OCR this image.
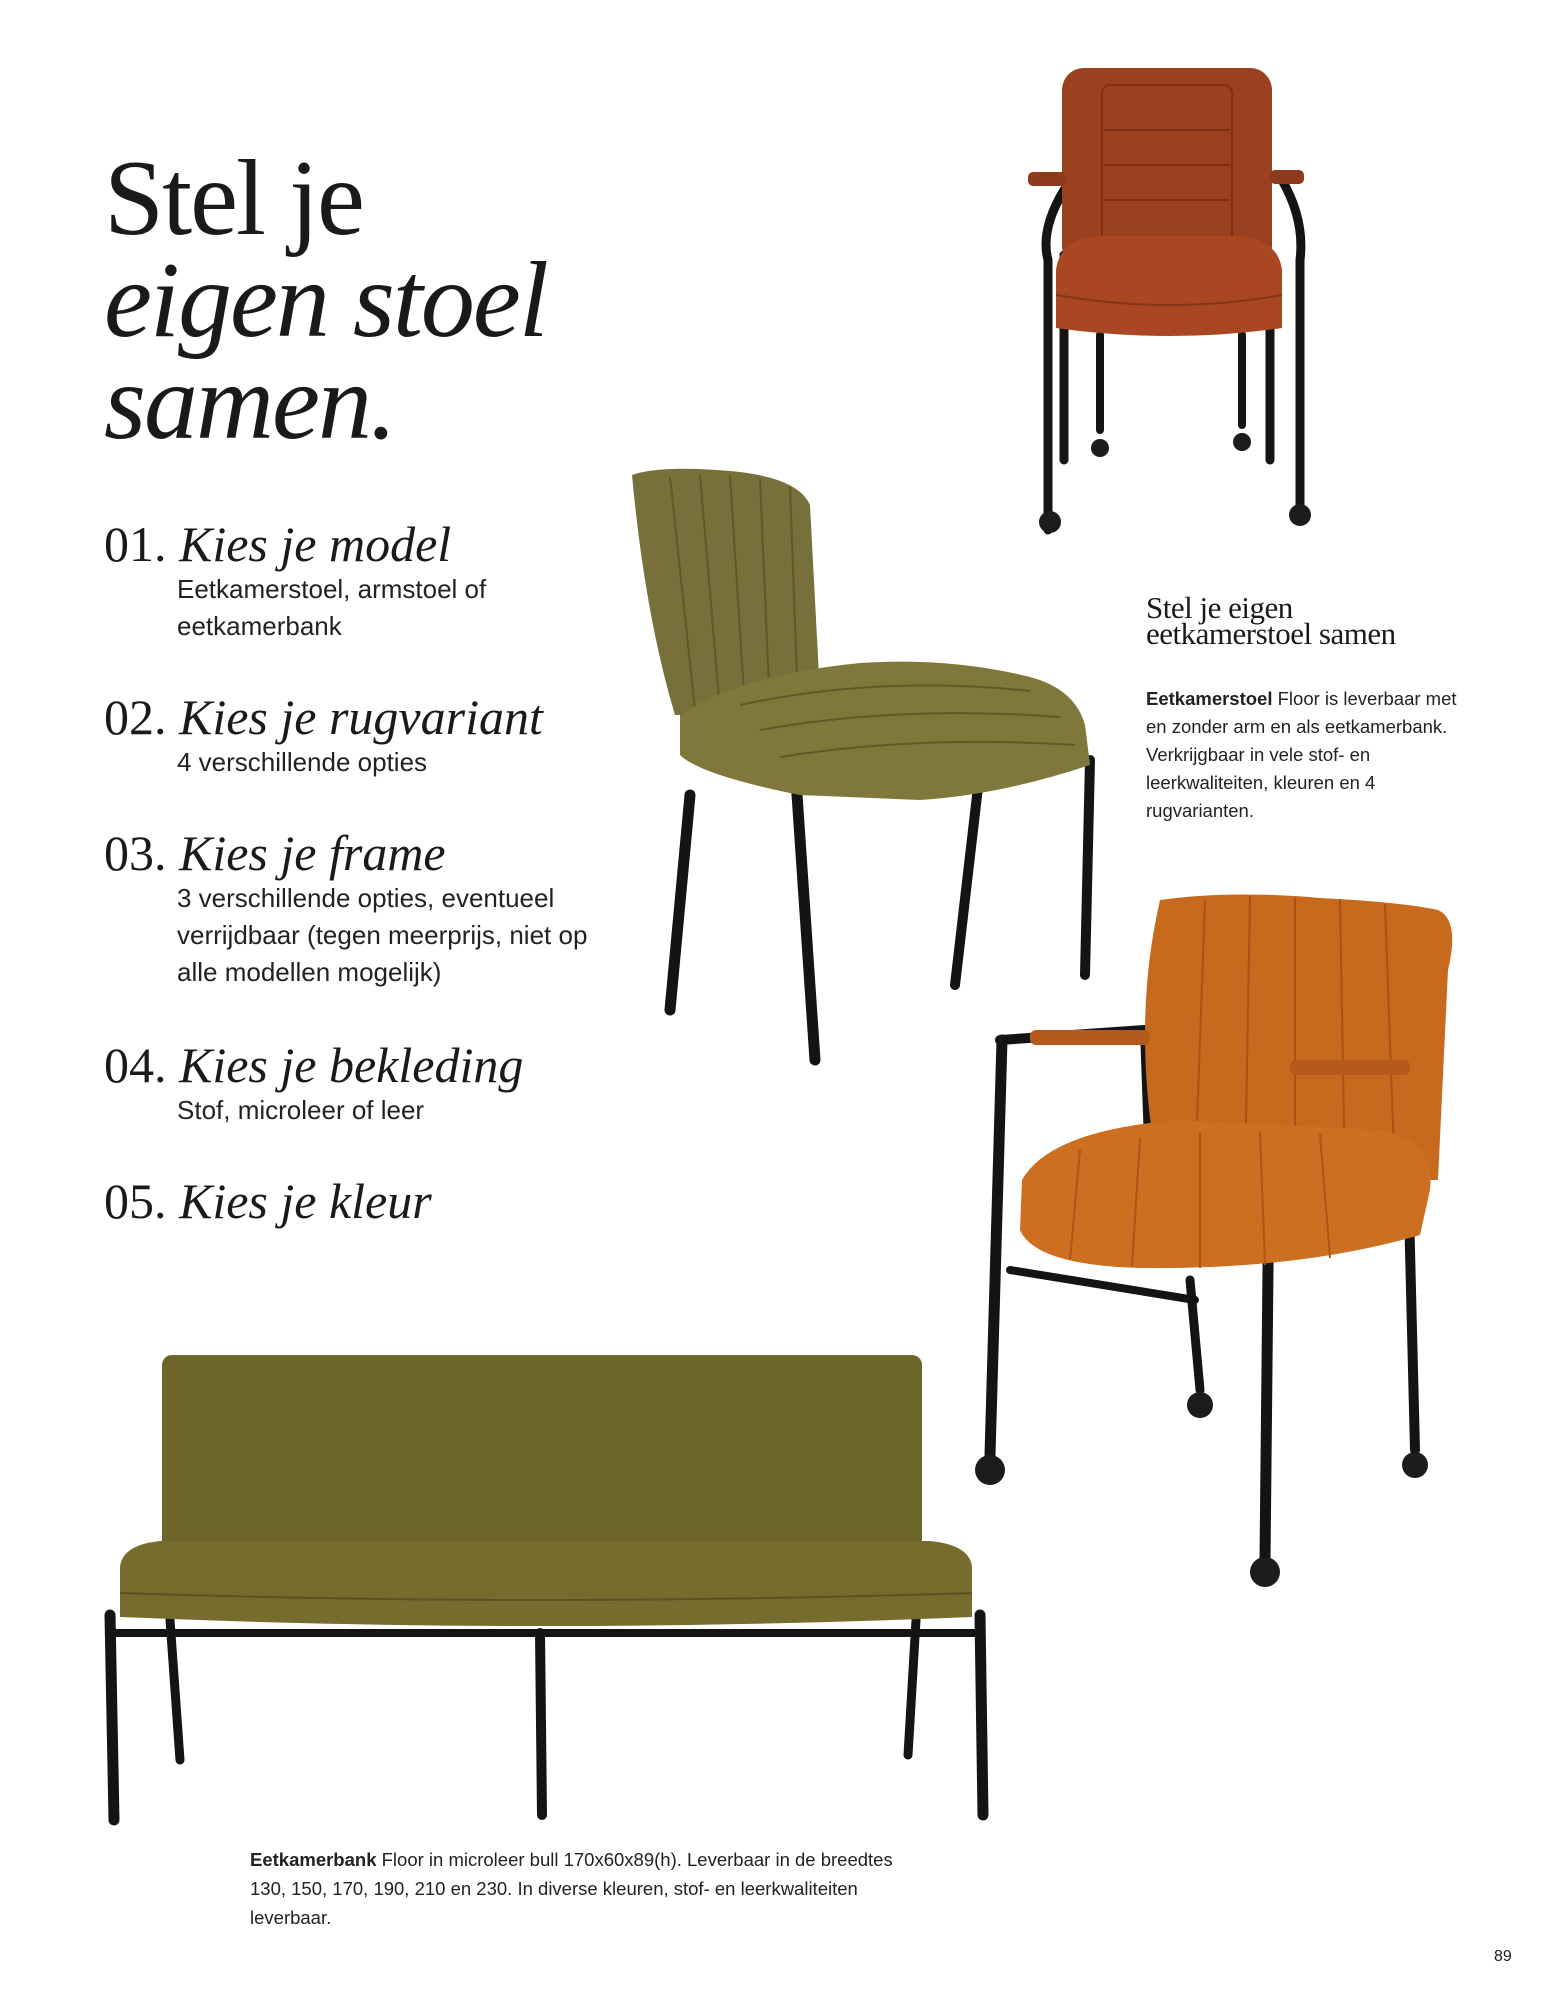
Stel je
eigen stoel
samen.
01. Kies je model
Eetkamerstoel, armstoel of eetkamerbank
02. Kies je rugvariant
4 verschillende opties
03. Kies je frame
3 verschillende opties, eventueel verrijdbaar (tegen meerprijs, niet op alle modellen mogelijk)
04. Kies je bekleding
Stof, microleer of leer
05. Kies je kleur
Stel je eigen
eetkamerstoel samen
Eetkamerstoel Floor is leverbaar met en zonder arm en als eetkamerbank. Verkrijgbaar in vele stof- en leerkwaliteiten, kleuren en 4 rugvarianten.
Eetkamerbank Floor in microleer bull 170x60x89(h). Leverbaar in de breedtes 130, 150, 170, 190, 210 en 230. In diverse kleuren, stof- en leerkwaliteiten leverbaar.
89
